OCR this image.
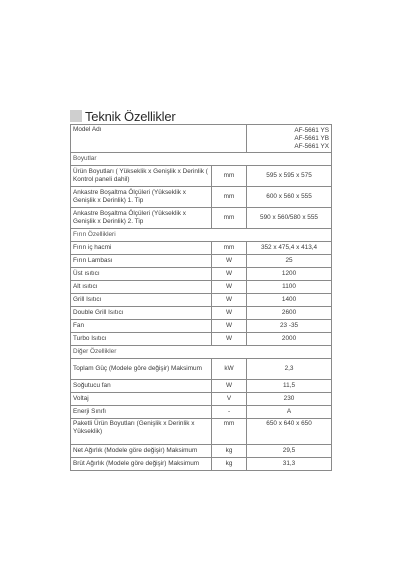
Teknik Özellikler
Model Adı		AF-5661 YS
AF-5661 YB
AF-5661 YX

Boyutlar		
Ürün Boyutları ( Yükseklik x Genişlik x Derinlik ( Kontrol paneli dahil)	mm	595 x 595 x 575
Ankastre Boşaltma Ölçüleri (Yükseklik x Genişlik x Derinlik) 1. Tip	mm	600 x 560 x 555
Ankastre Boşaltma Ölçüleri (Yükseklik x Genişlik x Derinlik) 2. Tip	mm	590 x 560/580 x 555
Fırın Özellikleri		
Fırın iç hacmi	mm	352 x 475,4 x 413,4
Fırın Lambası	W	25
Üst ısıtıcı	W	1200
Alt ısıtıcı	W	1100
Grill Isıtıcı	W	1400
Double Grill Isıtıcı	W	2600
Fan	W	23 -35
Turbo Isıtıcı	W	2000
Diğer Özellikler		
Toplam Güç (Modele göre değişir) Maksimum	kW	2,3
Soğutucu fan	W	11,5
Voltaj	V	230
Enerji Sınıfı	-	A
Paketli Ürün Boyutları (Genişlik x Derinlik x Yükseklik)	mm	650 x 640 x 650
Net Ağırlık (Modele göre değişir) Maksimum	kg	29,5
Brüt Ağırlık (Modele göre değişir) Maksimum	kg	31,3
